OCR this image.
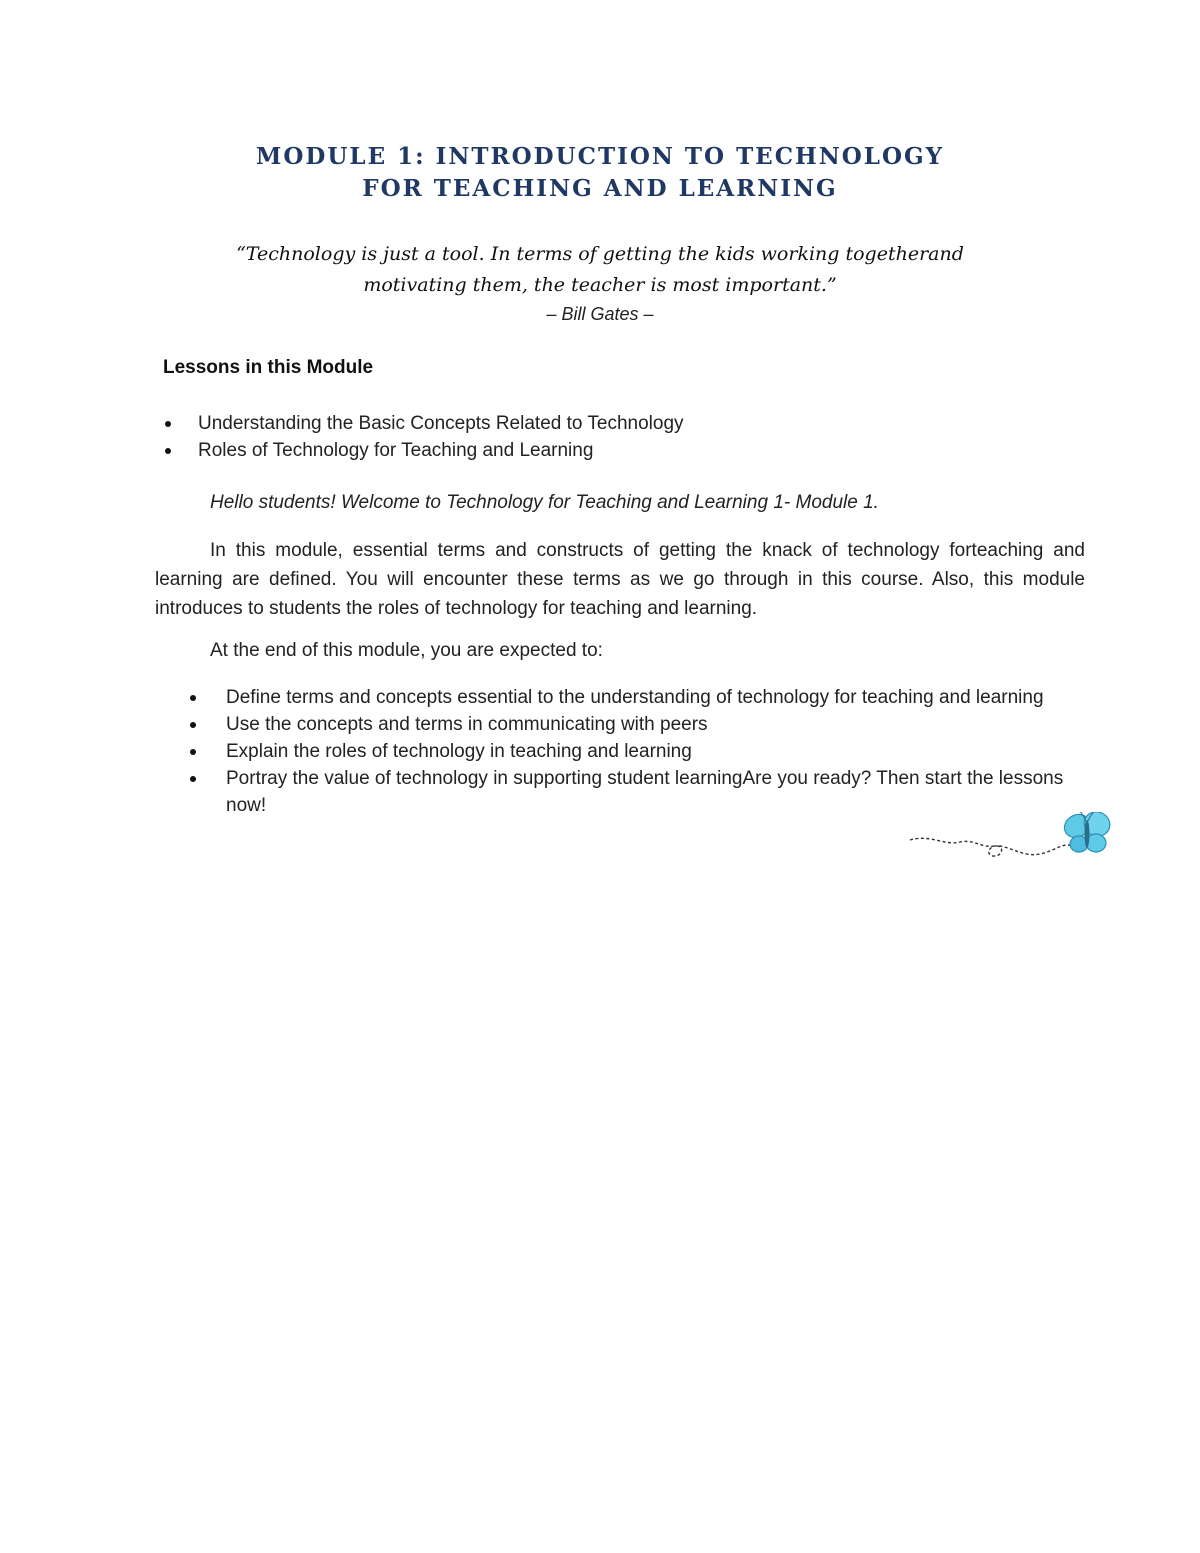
MODULE 1: INTRODUCTION TO TECHNOLOGY
FOR TEACHING AND LEARNING
“Technology is just a tool. In terms of getting the kids working togetherand
motivating them, the teacher is most important.”
– Bill Gates –
Lessons in this Module
Understanding the Basic Concepts Related to Technology
Roles of Technology for Teaching and Learning
Hello students! Welcome to Technology for Teaching and Learning 1- Module 1.

In this module, essential terms and constructs of getting the knack of technology forteaching and learning are defined. You will encounter these terms as we go through in this course. Also, this module introduces to students the roles of technology for teaching and learning.

At the end of this module, you are expected to:
Define terms and concepts essential to the understanding of technology for teaching and learning
Use the concepts and terms in communicating with peers
Explain the roles of technology in teaching and learning
Portray the value of technology in supporting student learningAre you ready? Then start the lessons now!
